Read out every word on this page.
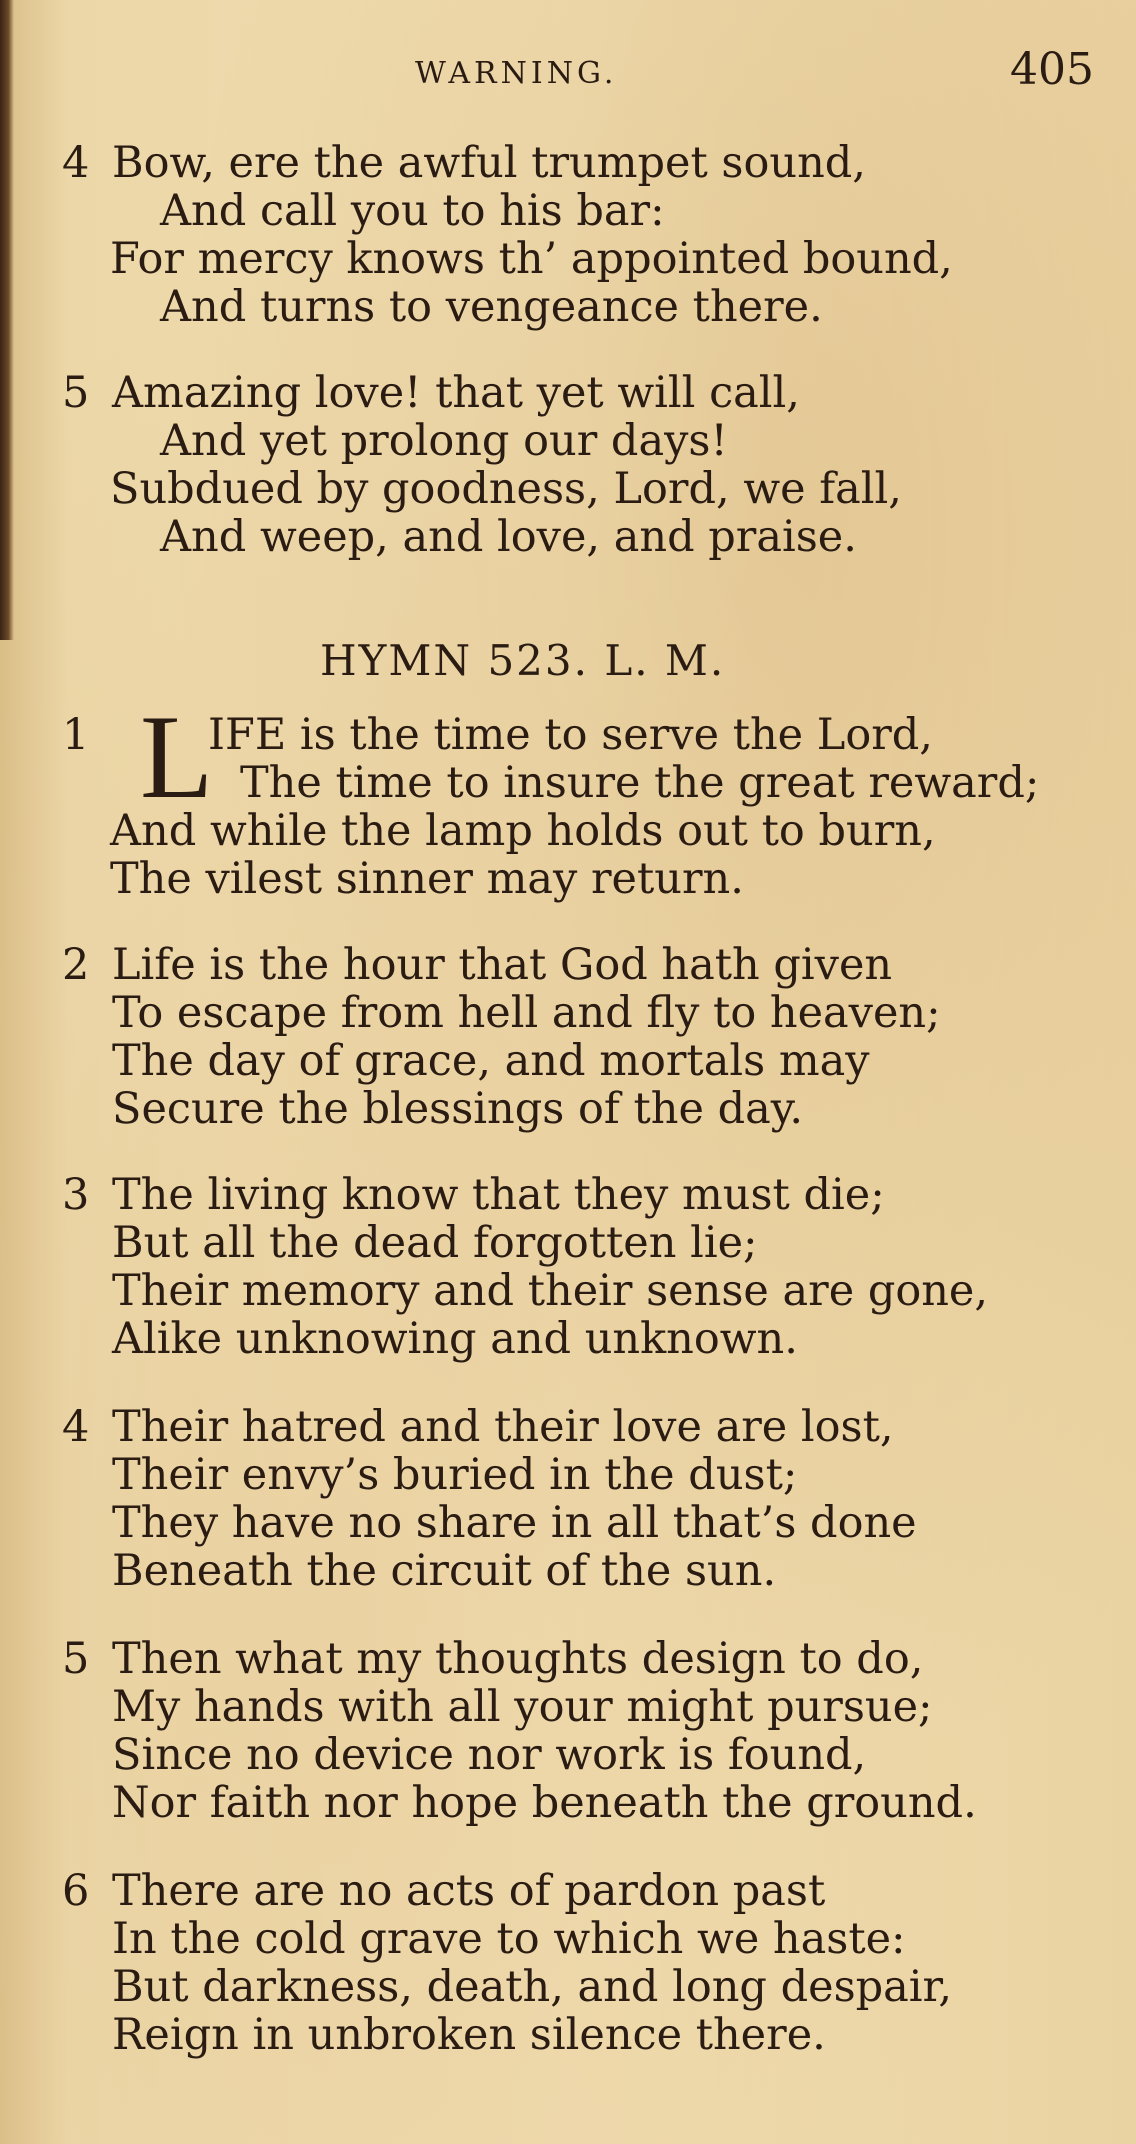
WARNING.	405
4 Bow, ere the awful trumpet sound,
And call you to his bar:
For mercy knows th’ appointed bound,
And turns to vengeance there.
5 Amazing love! that yet will call,
And yet prolong our days!
Subdued by goodness, Lord, we fall,
And weep, and love, and praise.
HYMN 523. L. M.
1 L
IFE is the time to serve the Lord,
The time to insure the great reward;
And while the lamp holds out to burn,
The vilest sinner may return.
2 Life is the hour that God hath given
To escape from hell and fly to heaven;
The day of grace, and mortals may
Secure the blessings of the day.
3 The living know that they must die;
But all the dead forgotten lie;
Their memory and their sense are gone,
Alike unknowing and unknown.
4 Their hatred and their love are lost,
Their envy’s buried in the dust;
They have no share in all that’s done
Beneath the circuit of the sun.
5 Then what my thoughts design to do,
My hands with all your might pursue;
Since no device nor work is found,
Nor faith nor hope beneath the ground.
6 There are no acts of pardon past
In the cold grave to which we haste:
But darkness, death, and long despair,
Reign in unbroken silence there.
